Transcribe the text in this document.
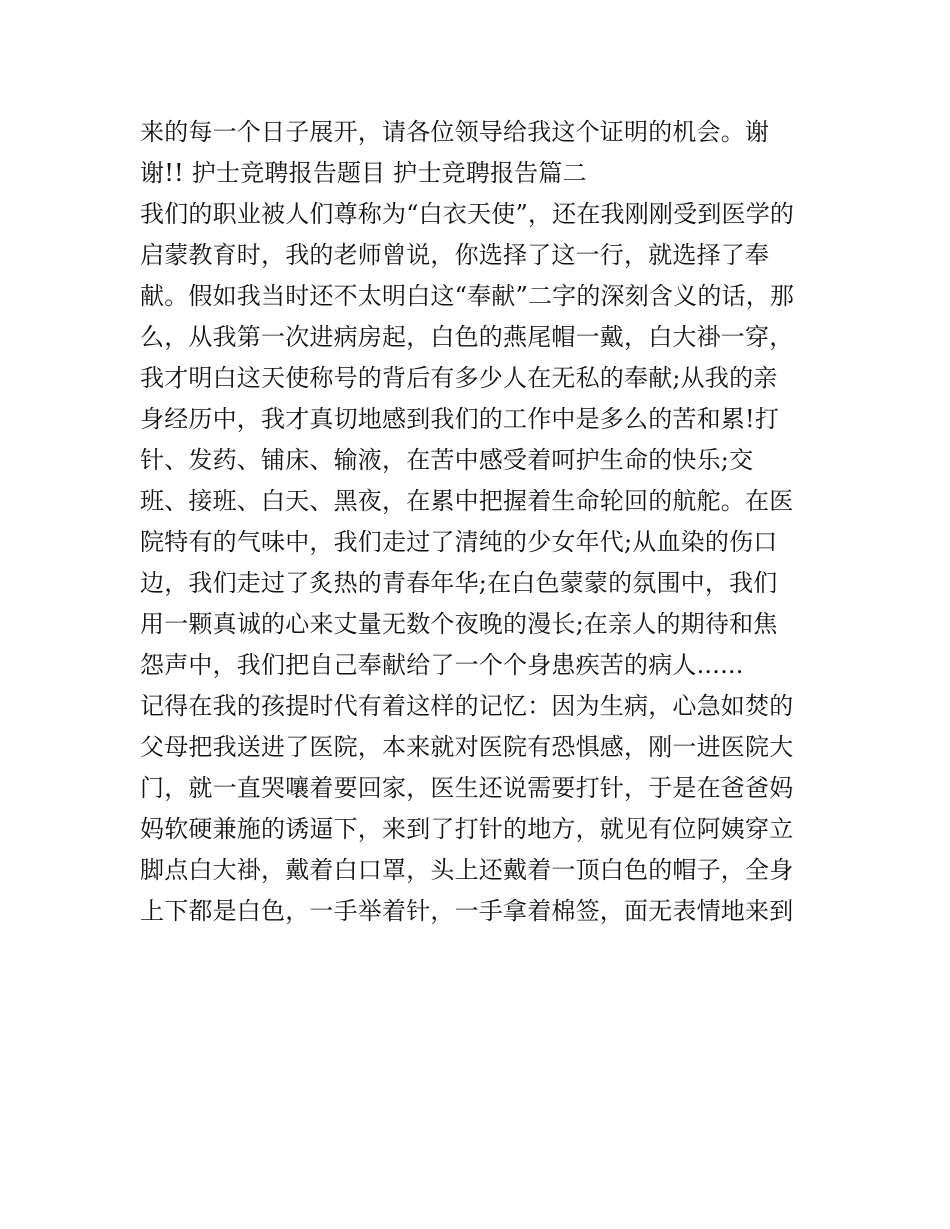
来的每一个日子展开，请各位领导给我这个证明的机会。谢
谢!! 护士竞聘报告题目 护士竞聘报告篇二
我们的职业被人们尊称为“白衣天使”，还在我刚刚受到医学的
启蒙教育时，我的老师曾说，你选择了这一行，就选择了奉
献。假如我当时还不太明白这“奉献”二字的深刻含义的话，那
么，从我第一次进病房起，白色的燕尾帽一戴，白大褂一穿，
我才明白这天使称号的背后有多少人在无私的奉献;从我的亲
身经历中，我才真切地感到我们的工作中是多么的苦和累!打
针、发药、铺床、输液，在苦中感受着呵护生命的快乐;交
班、接班、白天、黑夜，在累中把握着生命轮回的航舵。在医
院特有的气味中，我们走过了清纯的少女年代;从血染的伤口
边，我们走过了炙热的青春年华;在白色蒙蒙的氛围中，我们
用一颗真诚的心来丈量无数个夜晚的漫长;在亲人的期待和焦
怨声中，我们把自己奉献给了一个个身患疾苦的病人......
记得在我的孩提时代有着这样的记忆：因为生病，心急如焚的
父母把我送进了医院，本来就对医院有恐惧感，刚一进医院大
门，就一直哭嚷着要回家，医生还说需要打针，于是在爸爸妈
妈软硬兼施的诱逼下，来到了打针的地方，就见有位阿姨穿立
脚点白大褂，戴着白口罩，头上还戴着一顶白色的帽子，全身
上下都是白色，一手举着针，一手拿着棉签，面无表情地来到
